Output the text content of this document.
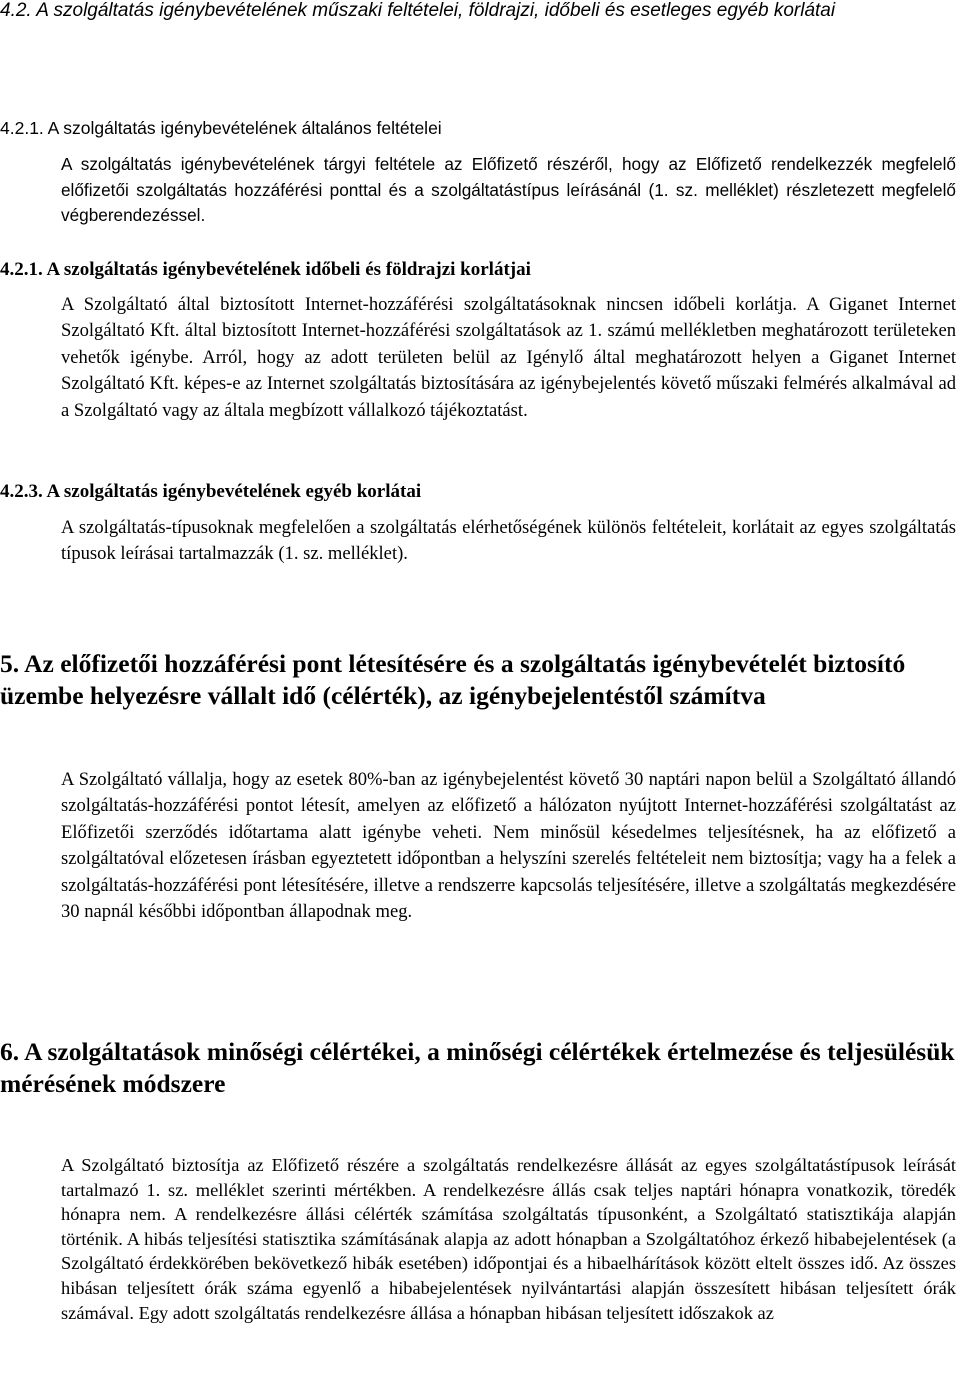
4.2. A szolgáltatás igénybevételének műszaki feltételei, földrajzi, időbeli és esetleges egyéb korlátai
4.2.1. A szolgáltatás igénybevételének általános feltételei

A szolgáltatás igénybevételének tárgyi feltétele az Előfizető részéről, hogy az Előfizető rendelkezzék megfelelő előfizetői szolgáltatás hozzáférési ponttal és a szolgáltatástípus leírásánál (1. sz. melléklet) részletezett megfelelő végberendezéssel.

4.2.1. A szolgáltatás igénybevételének időbeli és földrajzi korlátjai

A Szolgáltató által biztosított Internet-hozzáférési szolgáltatásoknak nincsen időbeli korlátja. A Giganet Internet Szolgáltató Kft. által biztosított Internet-hozzáférési szolgáltatások az 1. számú mellékletben meghatározott területeken vehetők igénybe. Arról, hogy az adott területen belül az Igénylő által meghatározott helyen a Giganet Internet Szolgáltató Kft. képes-e az Internet szolgáltatás biztosítására az igénybejelentés követő műszaki felmérés alkalmával ad a Szolgáltató vagy az általa megbízott vállalkozó tájékoztatást.

4.2.3. A szolgáltatás igénybevételének egyéb korlátai

A szolgáltatás-típusoknak megfelelően a szolgáltatás elérhetőségének különös feltételeit, korlátait az egyes szolgáltatás típusok leírásai tartalmazzák (1. sz. melléklet).

5. Az előfizetői hozzáférési pont létesítésére és a szolgáltatás igénybevételét biztosító üzembe helyezésre vállalt idő (célérték), az igénybejelentéstől számítva

A Szolgáltató vállalja, hogy az esetek 80%-ban az igénybejelentést követő 30 naptári napon belül a Szolgáltató állandó szolgáltatás-hozzáférési pontot létesít, amelyen az előfizető a hálózaton nyújtott Internet-hozzáférési szolgáltatást az Előfizetői szerződés időtartama alatt igénybe veheti. Nem minősül késedelmes teljesítésnek, ha az előfizető a szolgáltatóval előzetesen írásban egyeztetett időpontban a helyszíni szerelés feltételeit nem biztosítja; vagy ha a felek a szolgáltatás-hozzáférési pont létesítésére, illetve a rendszerre kapcsolás teljesítésére, illetve a szolgáltatás megkezdésére 30 napnál későbbi időpontban állapodnak meg.

6. A szolgáltatások minőségi célértékei, a minőségi célértékek értelmezése és teljesülésük mérésének módszere

A Szolgáltató biztosítja az Előfizető részére a szolgáltatás rendelkezésre állását az egyes szolgáltatástípusok leírását tartalmazó 1. sz. melléklet szerinti mértékben. A rendelkezésre állás csak teljes naptári hónapra vonatkozik, töredék hónapra nem. A rendelkezésre állási célérték számítása szolgáltatás típusonként, a Szolgáltató statisztikája alapján történik. A hibás teljesítési statisztika számításának alapja az adott hónapban a Szolgáltatóhoz érkező hibabejelentések (a Szolgáltató érdekkörében bekövetkező hibák esetében) időpontjai és a hibaelhárítások között eltelt összes idő. Az összes hibásan teljesített órák száma egyenlő a hibabejelentések nyilvántartási alapján összesített hibásan teljesített órák számával. Egy adott szolgáltatás rendelkezésre állása a hónapban hibásan teljesített időszakok az
